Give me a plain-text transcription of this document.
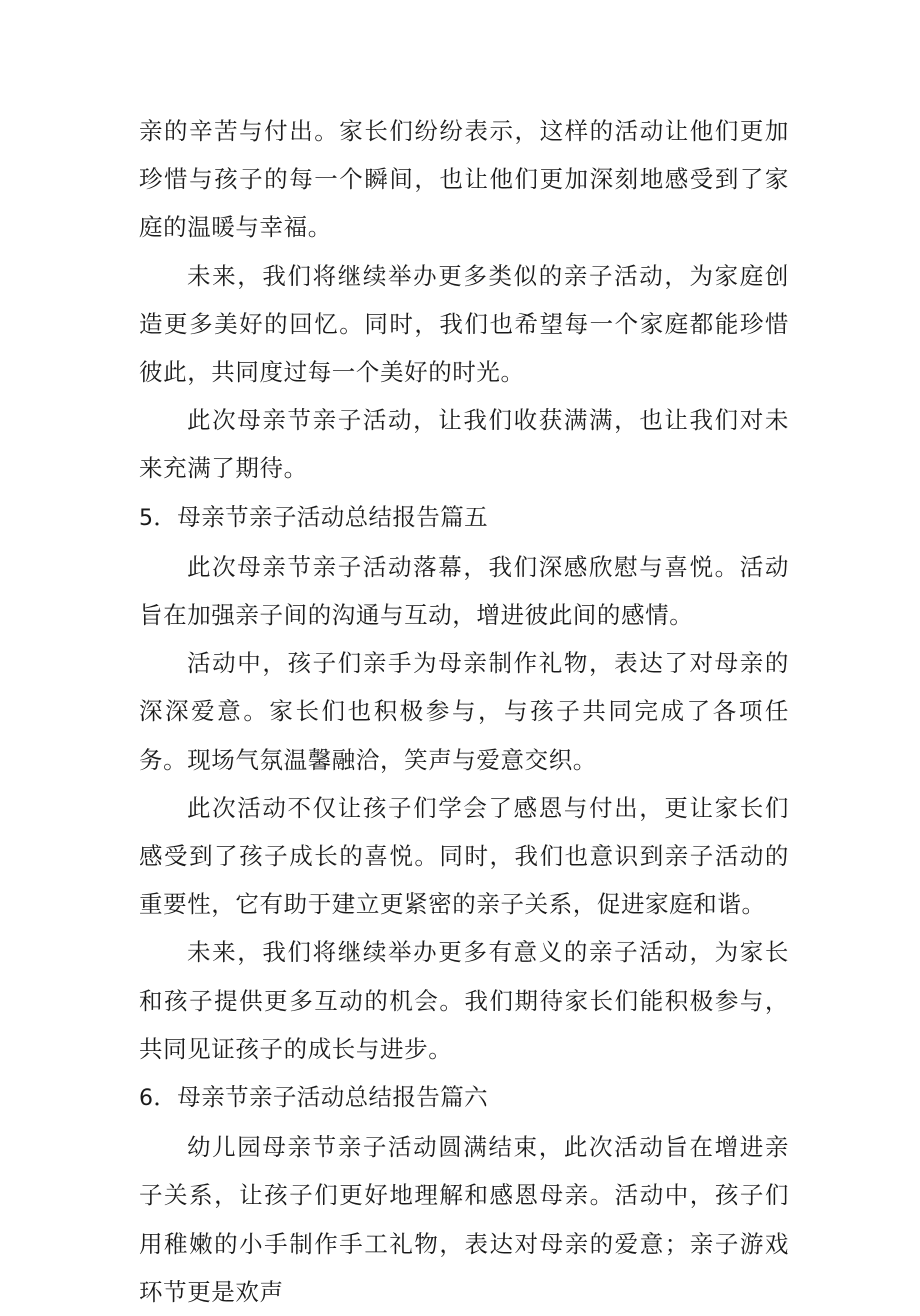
亲的辛苦与付出。家长们纷纷表示，这样的活动让他们更加珍惜与孩子的每一个瞬间，也让他们更加深刻地感受到了家庭的温暖与幸福。

未来，我们将继续举办更多类似的亲子活动，为家庭创造更多美好的回忆。同时，我们也希望每一个家庭都能珍惜彼此，共同度过每一个美好的时光。

此次母亲节亲子活动，让我们收获满满，也让我们对未来充满了期待。

5．母亲节亲子活动总结报告篇五

此次母亲节亲子活动落幕，我们深感欣慰与喜悦。活动旨在加强亲子间的沟通与互动，增进彼此间的感情。

活动中，孩子们亲手为母亲制作礼物，表达了对母亲的深深爱意。家长们也积极参与，与孩子共同完成了各项任务。现场气氛温馨融洽，笑声与爱意交织。

此次活动不仅让孩子们学会了感恩与付出，更让家长们感受到了孩子成长的喜悦。同时，我们也意识到亲子活动的重要性，它有助于建立更紧密的亲子关系，促进家庭和谐。

未来，我们将继续举办更多有意义的亲子活动，为家长和孩子提供更多互动的机会。我们期待家长们能积极参与，共同见证孩子的成长与进步。

6．母亲节亲子活动总结报告篇六

幼儿园母亲节亲子活动圆满结束，此次活动旨在增进亲子关系，让孩子们更好地理解和感恩母亲。活动中，孩子们用稚嫩的小手制作手工礼物，表达对母亲的爱意；亲子游戏环节更是欢声
